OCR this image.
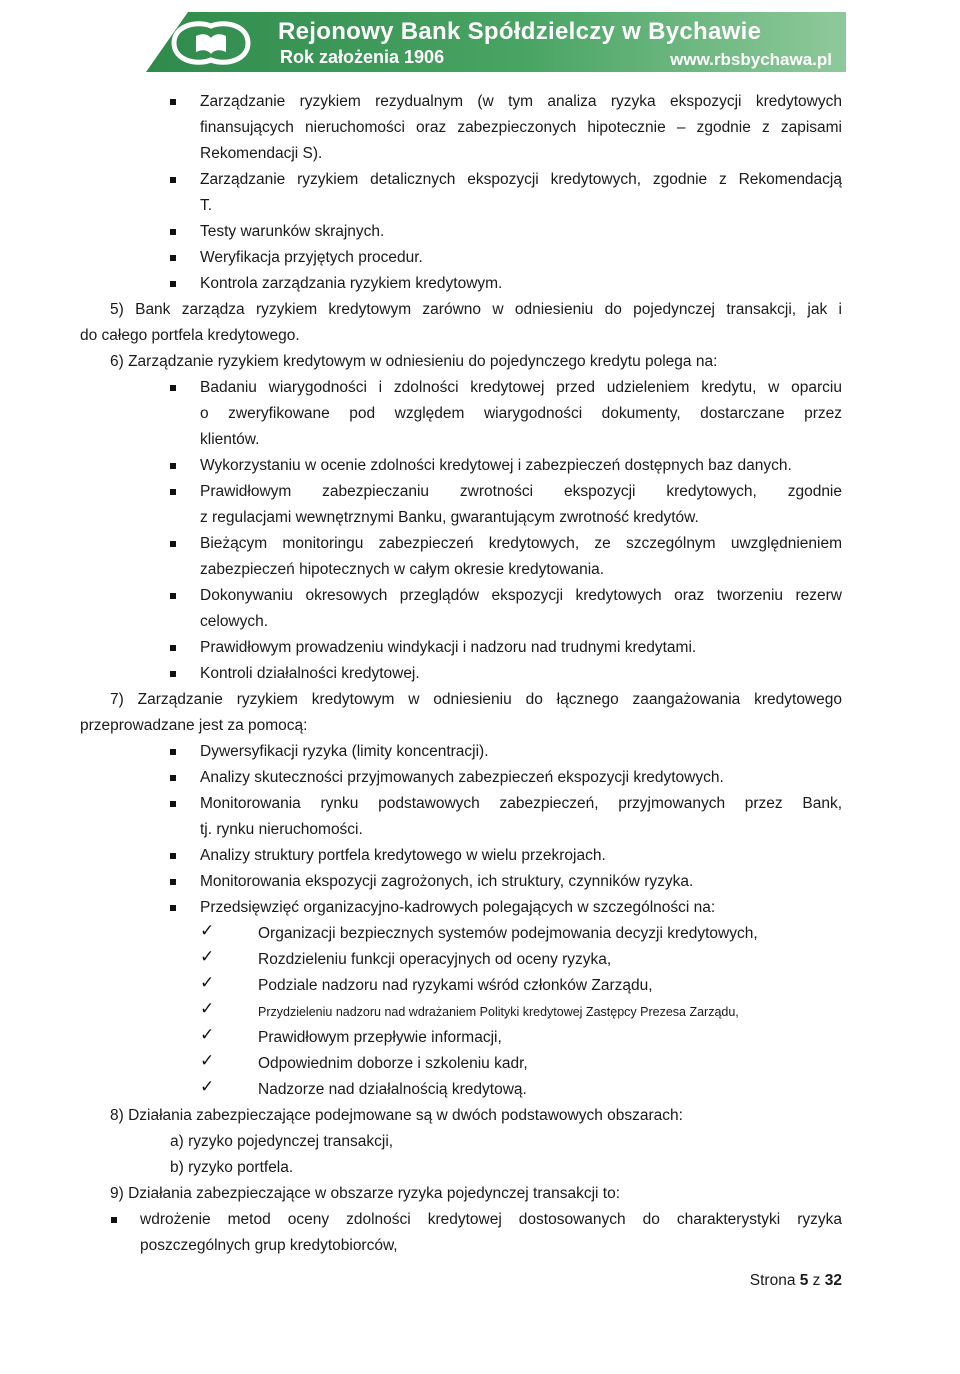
Rejonowy Bank Spółdzielczy w Bychawie
Rok założenia 1906	www.rbsbychawa.pl
Zarządzanie ryzykiem rezydualnym (w tym analiza ryzyka ekspozycji kredytowych
finansujących nieruchomości oraz zabezpieczonych hipotecznie – zgodnie z zapisami
Rekomendacji S).
Zarządzanie ryzykiem detalicznych ekspozycji kredytowych, zgodnie z Rekomendacją
T.
Testy warunków skrajnych.
Weryfikacja przyjętych procedur.
Kontrola zarządzania ryzykiem kredytowym.
5) Bank zarządza ryzykiem kredytowym zarówno w odniesieniu do pojedynczej transakcji, jak i
do całego portfela kredytowego.
6) Zarządzanie ryzykiem kredytowym w odniesieniu do pojedynczego kredytu polega na:
Badaniu wiarygodności i zdolności kredytowej przed udzieleniem kredytu, w oparciu
o zweryfikowane pod względem wiarygodności dokumenty, dostarczane przez
klientów.
Wykorzystaniu w ocenie zdolności kredytowej i zabezpieczeń dostępnych baz danych.
Prawidłowym zabezpieczaniu zwrotności ekspozycji kredytowych, zgodnie
z regulacjami wewnętrznymi Banku, gwarantującym zwrotność kredytów.
Bieżącym monitoringu zabezpieczeń kredytowych, ze szczególnym uwzględnieniem
zabezpieczeń hipotecznych w całym okresie kredytowania.
Dokonywaniu okresowych przeglądów ekspozycji kredytowych oraz tworzeniu rezerw
celowych.
Prawidłowym prowadzeniu windykacji i nadzoru nad trudnymi kredytami.
Kontroli działalności kredytowej.
7) Zarządzanie ryzykiem kredytowym w odniesieniu do łącznego zaangażowania kredytowego
przeprowadzane jest za pomocą:
Dywersyfikacji ryzyka (limity koncentracji).
Analizy skuteczności przyjmowanych zabezpieczeń ekspozycji kredytowych.
Monitorowania rynku podstawowych zabezpieczeń, przyjmowanych przez Bank,
tj. rynku nieruchomości.
Analizy struktury portfela kredytowego w wielu przekrojach.
Monitorowania ekspozycji zagrożonych, ich struktury, czynników ryzyka.
Przedsięwzięć organizacyjno-kadrowych polegających w szczególności na:
✓	Organizacji bezpiecznych systemów podejmowania decyzji kredytowych,
✓	Rozdzieleniu funkcji operacyjnych od oceny ryzyka,
✓	Podziale nadzoru nad ryzykami wśród członków Zarządu,
✓	Przydzieleniu nadzoru nad wdrażaniem Polityki kredytowej Zastępcy Prezesa Zarządu,
✓	Prawidłowym przepływie informacji,
✓	Odpowiednim doborze i szkoleniu kadr,
✓	Nadzorze nad działalnością kredytową.
8) Działania zabezpieczające podejmowane są w dwóch podstawowych obszarach:
a) ryzyko pojedynczej transakcji,
b) ryzyko portfela.
9) Działania zabezpieczające w obszarze ryzyka pojedynczej transakcji to:
wdrożenie metod oceny zdolności kredytowej dostosowanych do charakterystyki ryzyka
poszczególnych grup kredytobiorców,
Strona 5 z 32
